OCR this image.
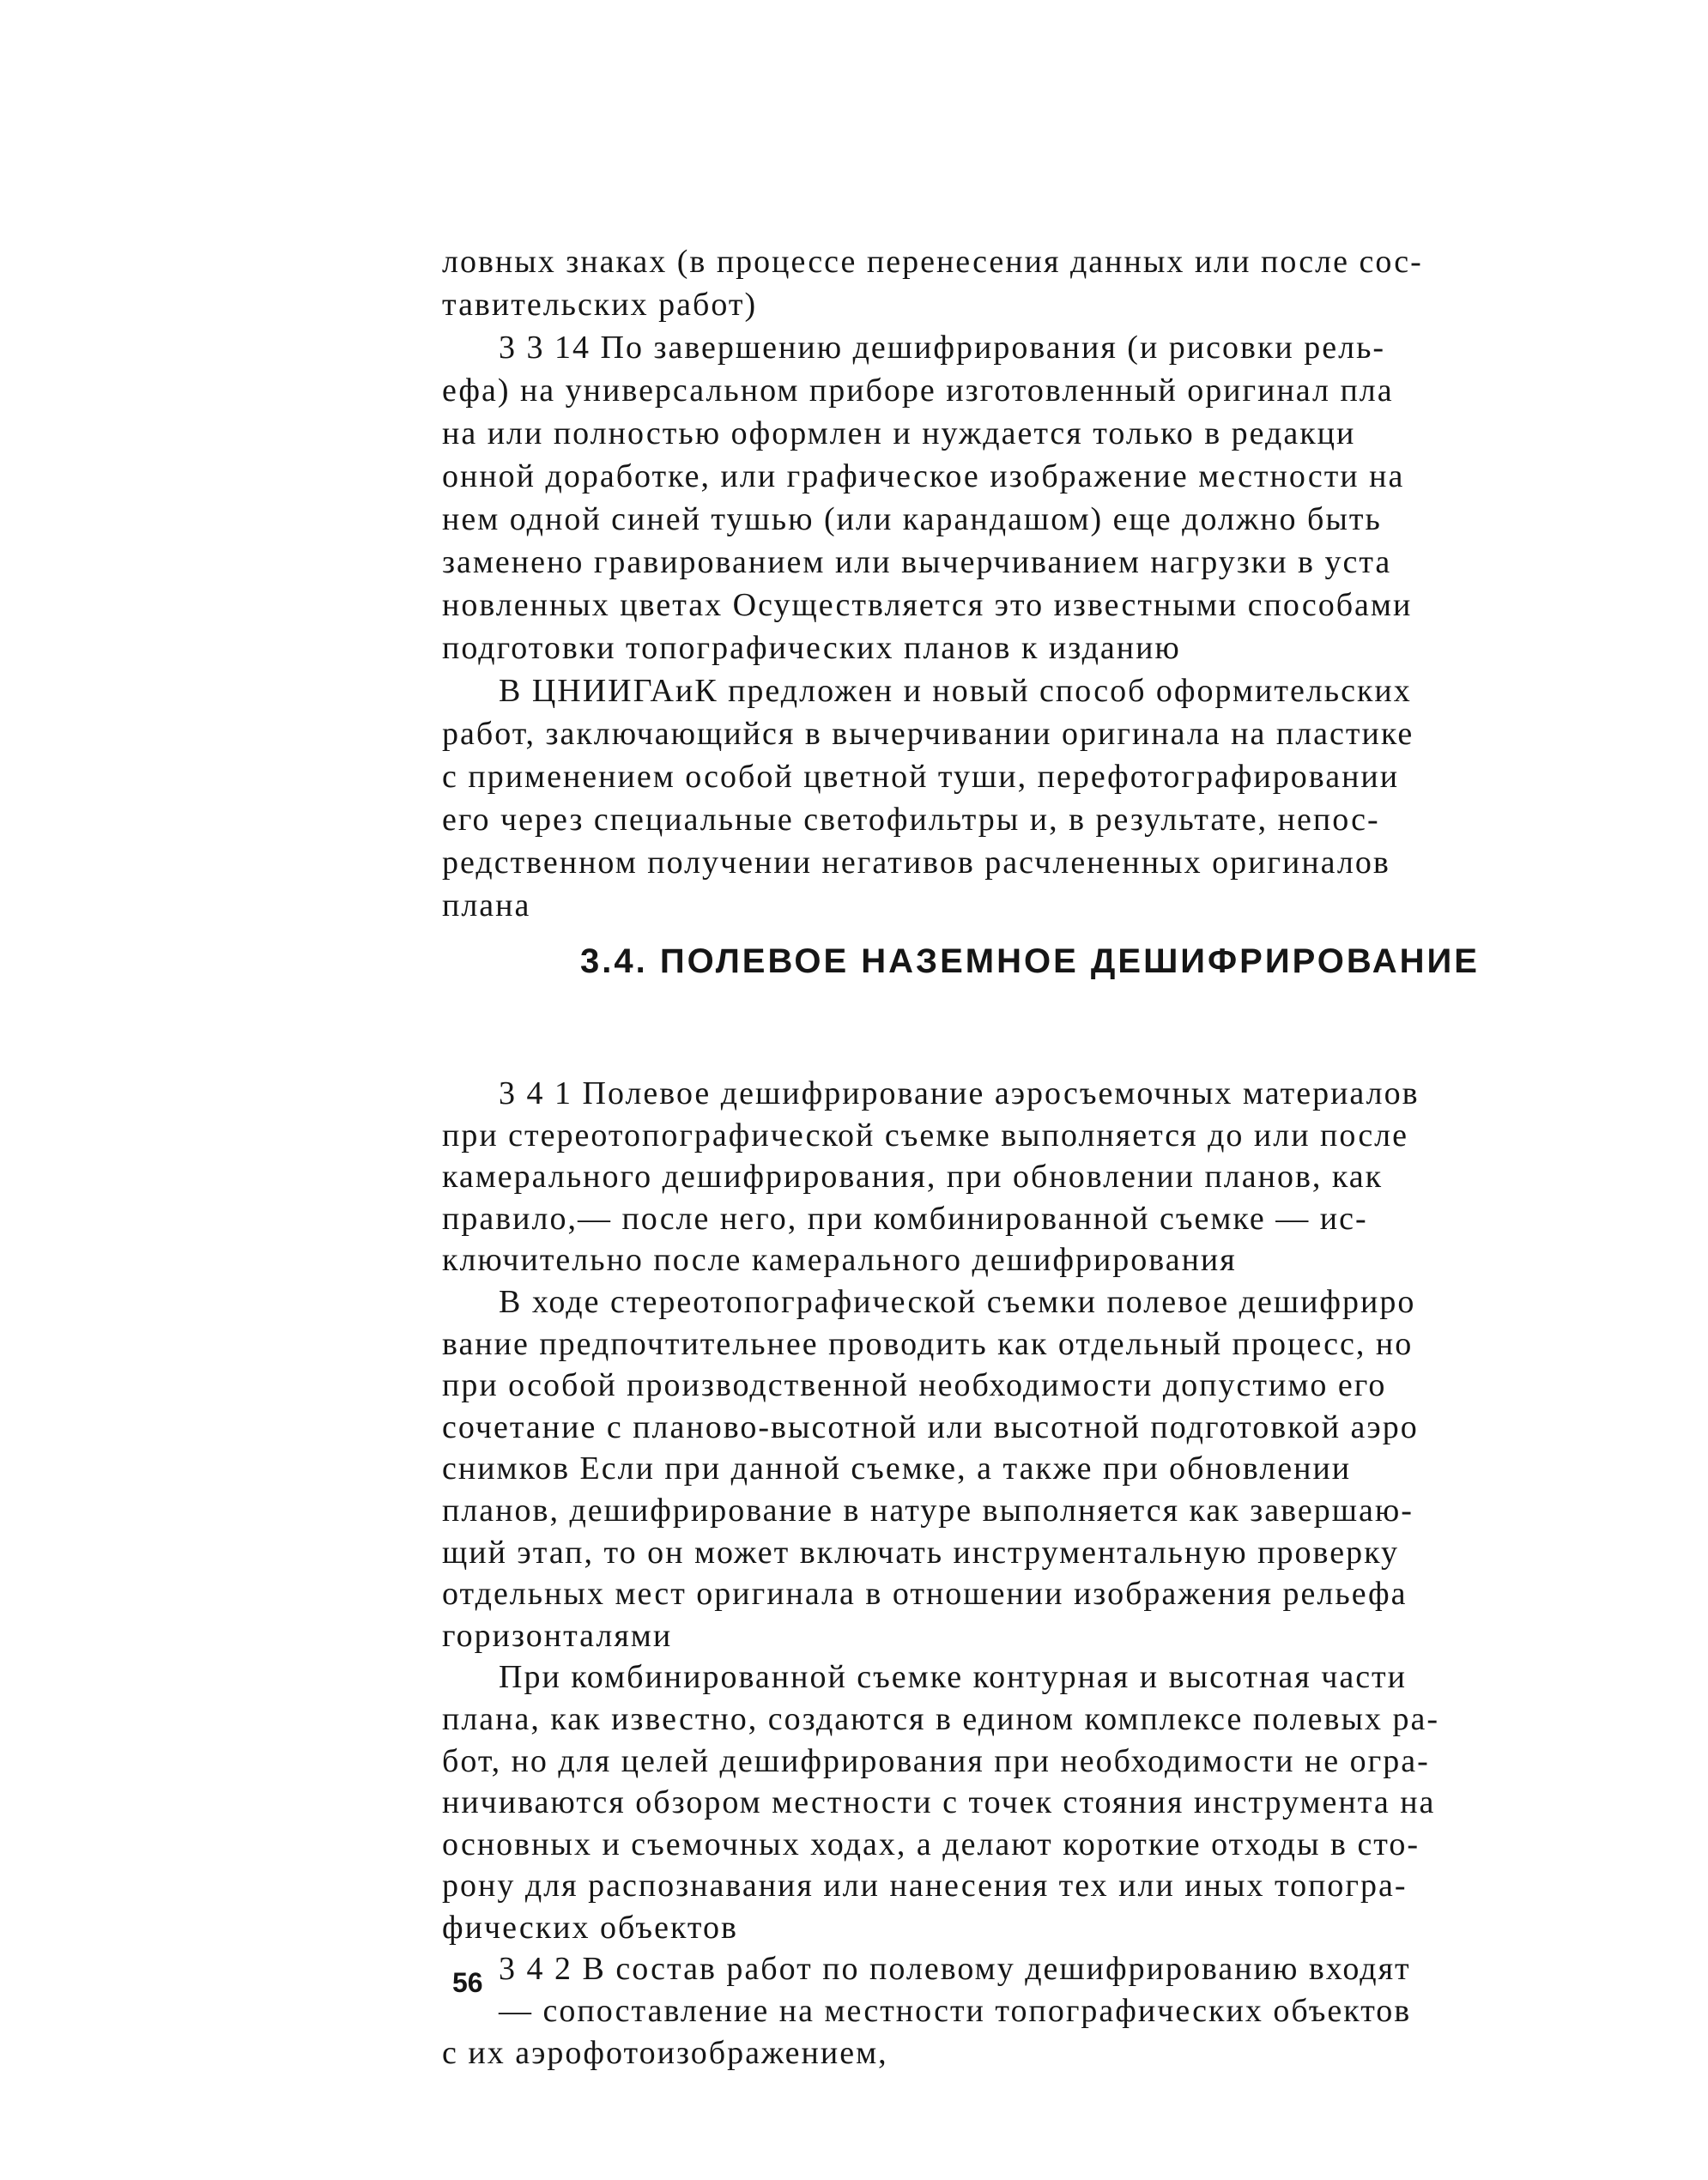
ловных знаках (в процессе перенесения данных или после сос-
тавительских работ)
3 3 14 По завершению дешифрирования (и рисовки рель-
ефа) на универсальном приборе изготовленный оригинал пла
на или полностью оформлен и нуждается только в редакци
онной доработке, или графическое изображение местности на
нем одной синей тушью (или карандашом) еще должно быть
заменено гравированием или вычерчиванием нагрузки в уста
новленных цветах Осуществляется это известными способами
подготовки топографических планов к изданию
В ЦНИИГАиК предложен и новый способ оформительских
работ, заключающийся в вычерчивании оригинала на пластике
с применением особой цветной туши, перефотографировании
его через специальные светофильтры и, в результате, непос-
редственном получении негативов расчлененных оригиналов
плана
3.4. ПОЛЕВОЕ НАЗЕМНОЕ ДЕШИФРИРОВАНИЕ
3 4 1 Полевое дешифрирование аэросъемочных материалов
при стереотопографической съемке выполняется до или после
камерального дешифрирования, при обновлении планов, как
правило,— после него, при комбинированной съемке — ис-
ключительно после камерального дешифрирования
В ходе стереотопографической съемки полевое дешифриро
вание предпочтительнее проводить как отдельный процесс, но
при особой производственной необходимости допустимо его
сочетание с планово-высотной или высотной подготовкой аэро
снимков Если при данной съемке, а также при обновлении
планов, дешифрирование в натуре выполняется как завершаю-
щий этап, то он может включать инструментальную проверку
отдельных мест оригинала в отношении изображения рельефа
горизонталями
При комбинированной съемке контурная и высотная части
плана, как известно, создаются в едином комплексе полевых ра-
бот, но для целей дешифрирования при необходимости не огра-
ничиваются обзором местности с точек стояния инструмента на
основных и съемочных ходах, а делают короткие отходы в сто-
рону для распознавания или нанесения тех или иных топогра-
фических объектов
3 4 2 В состав работ по полевому дешифрированию входят
— сопоставление на местности топографических объектов
с их аэрофотоизображением,
56
